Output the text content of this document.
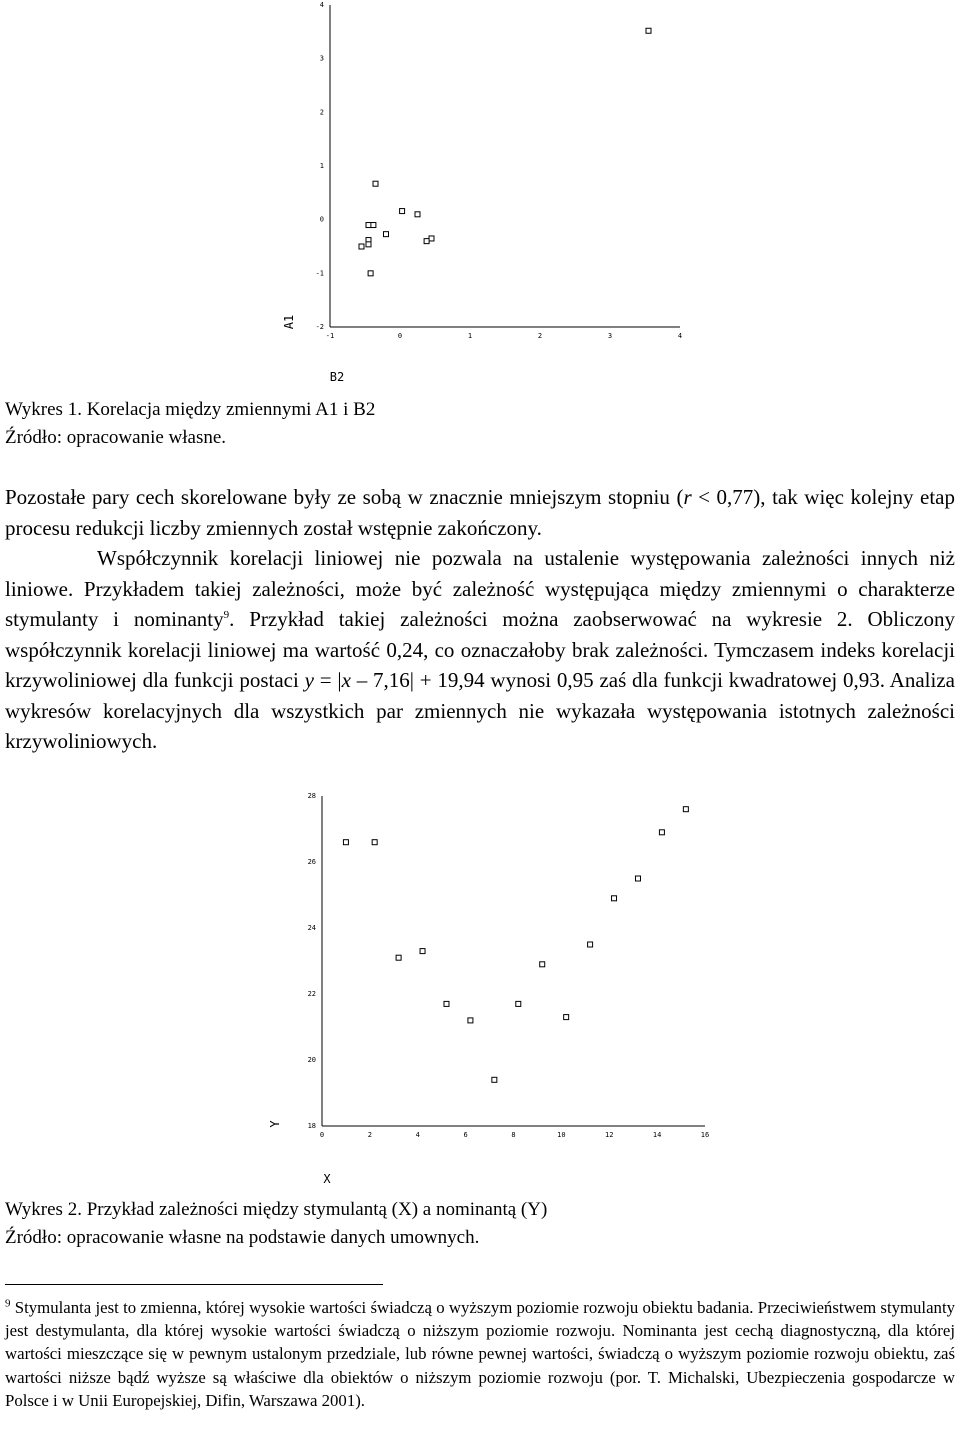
-2
-1
0
1
2
3
4
-1	0	1	2	3	4
B2
A1
Wykres 1. Korelacja między zmiennymi A1 i B2
Źródło: opracowanie własne.

Pozostałe pary cech skorelowane były ze sobą w znacznie mniejszym stopniu (r < 0,77), tak więc kolejny etap procesu redukcji liczby zmiennych został wstępnie zakończony.

Współczynnik korelacji liniowej nie pozwala na ustalenie występowania zależności innych niż liniowe. Przykładem takiej zależności, może być zależność występująca między zmiennymi o charakterze stymulanty i nominanty$^9$. Przykład takiej zależności można zaobserwować na wykresie 2. Obliczony współczynnik korelacji liniowej ma wartość 0,24, co oznaczałoby brak zależności. Tymczasem indeks korelacji krzywoliniowej dla funkcji postaci y = |x – 7,16| + 19,94 wynosi 0,95 zaś dla funkcji kwadratowej 0,93. Analiza wykresów korelacyjnych dla wszystkich par zmiennych nie wykazała występowania istotnych zależności krzywoliniowych.

18
20
22
24
26
28
0	2	4	6	8	10	12	14	16
X
Y
Wykres 2. Przykład zależności między stymulantą (X) a nominantą (Y)
Źródło: opracowanie własne na podstawie danych umownych.
$^9$ Stymulanta jest to zmienna, której wysokie wartości świadczą o wyższym poziomie rozwoju obiektu badania. Przeciwieństwem stymulanty jest destymulanta, dla której wysokie wartości świadczą o niższym poziomie rozwoju. Nominanta jest cechą diagnostyczną, dla której wartości mieszczące się w pewnym ustalonym przedziale, lub równe pewnej wartości, świadczą o wyższym poziomie rozwoju obiektu, zaś wartości niższe bądź wyższe są właściwe dla obiektów o niższym poziomie rozwoju (por. T. Michalski, Ubezpieczenia gospodarcze w Polsce i w Unii Europejskiej, Difin, Warszawa 2001).
